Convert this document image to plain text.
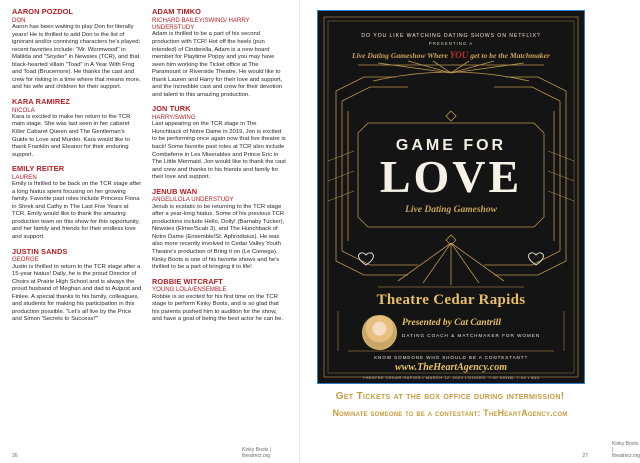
AARON POZDOL
DON

Aaron has been waiting to play Don for literally years! He is thrilled to add Don to the list of ignorant and/or conniving characters he's played; recent favorites include: "Mr. Wormwood" in Matilda and "Snyder" in Newsies (TCR), and that black-hearted villain "Toad" in A Year With Frog and Toad (Brucemore). He thanks the cast and crew for risking in a time where that means more, and his wife and children for their support.

KARA RAMIREZ
NICOLA

Kara is excited to make her return to the TCR main stage. She was last seen in her cabaret Killer Cabaret Queen and The Gentleman's Guide to Love and Murder. Kara would like to thank Franklin and Eleanor for their enduring support.

EMILY REITER
LAUREN

Emily is thrilled to be back on the TCR stage after a long hiatus spent focusing on her growing family. Favorite past roles include Princess Fiona in Shrek and Cathy in The Last Five Years at TCR. Emily would like to thank the amazing production team on this show for this opportunity, and her family and friends for their endless love and support.

JUSTIN SANDS
GEORGE

Justin is thrilled to return to the TCR stage after a 15-year hiatus! Daily, he is the proud Director of Choirs at Prairie High School and is always the proud husband of Meghan and dad to August and Finlee. A special thanks to his family, colleagues, and students for making his participation in this production possible. "Let's all live by the Price and Simon 'Secrets to Success!'"

ADAM TIMKO
RICHARD BAILEY/SWING/ HARRY UNDERSTUDY

Adam is thrilled to be a part of his second production with TCR! Hot off the heels (pun intended) of Cinderella, Adam is a new board member for Playtime Poppy and you may have seen him working the Ticket office at The Paramount or Riverside Theatre. He would like to thank Lauren and Harry for their love and support, and the incredible cast and crew for their devotion and talent to this amazing production.

JON TURK
HARRY/SWING

Last appearing on the TCR stage in The Hunchback of Notre Dame in 2019, Jon is excited to be performing once again now that live theatre is back! Some favorite past roles at TCR also include Combeferre in Les Miserables and Prince Eric in The Little Mermaid. Jon would like to thank the cast and crew and thanks to his friends and family for their love and support.

JENUB WAN
ANGEL/LOLA UNDERSTUDY

Jenub is ecstatic to be returning to the TCR stage after a year-long hiatus. Some of his previous TCR productions include Hello, Dolly! (Barnaby Tucker), Newsies (Elmer/Scab 3), and The Hunchback of Notre Dame (Ensemble/St. Aphrodisius). He was also more recently involved in Cedar Valley Youth Theatre's production of Bring it on (Le Cienega). Kinky Boots is one of his favorite shows and he's thrilled to be a part of bringing it to life!

ROBBIE WITCRAFT
YOUNG LOLA/ENSEMBLE

Robbie is so excited for his first time on the TCR stage to perform Kinky Boots, and is so glad that his parents pushed him to audition for the show, and have a goal of being the best actor he can be.

26
Kinky Boots | theatrecr.org
DO YOU LIKE WATCHING DATING SHOWS ON NETFLIX?
PRESENTING A
Live Dating Gameshow Where YOU get to be the Matchmaker
GAME FOR
LOVE
Live Dating Gameshow
Theatre Cedar Rapids
Presented by Cat Cantrill
DATING COACH & MATCHMAKER FOR WOMEN
KNOW SOMEONE WHO SHOULD BE A CONTESTANT?
www.TheHeartAgency.com
THEATRE CEDAR RAPIDS • MARCH 12, 2022 • DOORS: 7:00 SHOW: 7:30 • $35
Get Tickets at the box office during intermission!
Nominate someone to be a contestant: TheHeartAgency.com
Kinky Boots | theatrecr.org
27
